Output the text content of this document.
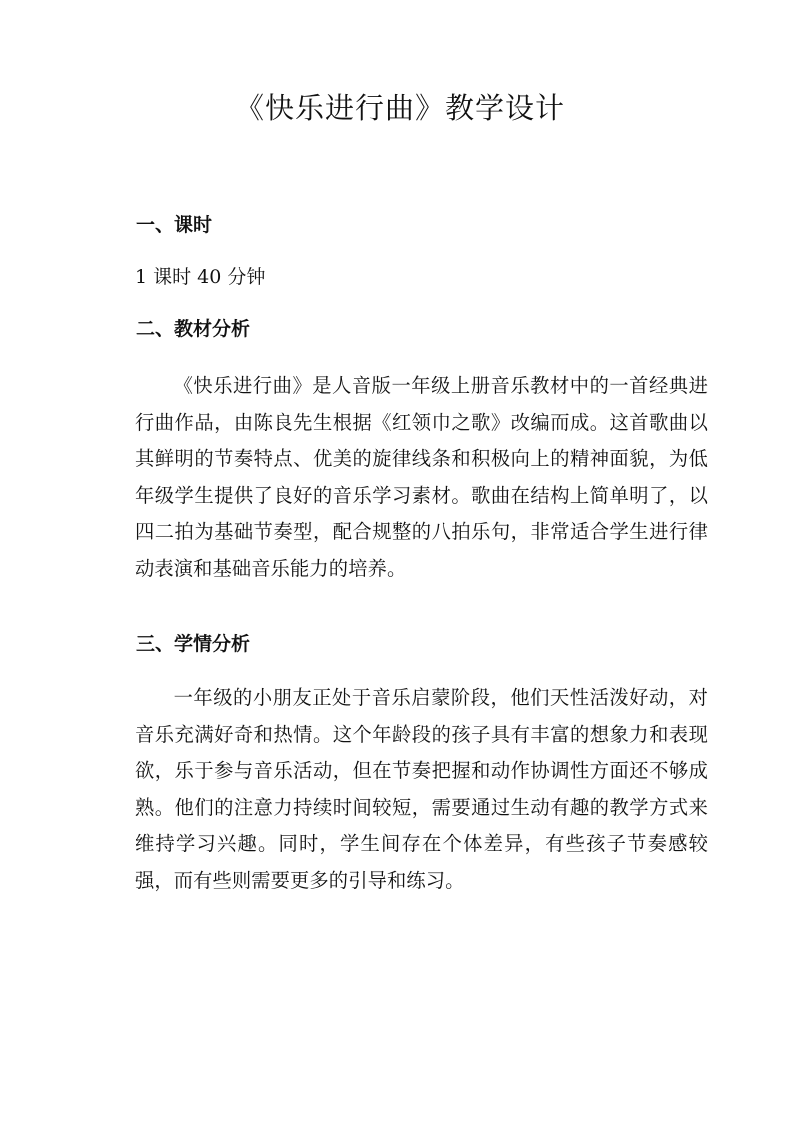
《快乐进行曲》教学设计
一、课时
1 课时 40 分钟
二、教材分析
《快乐进行曲》是人音版一年级上册音乐教材中的一首经典进行曲作品，由陈良先生根据《红领巾之歌》改编而成。这首歌曲以其鲜明的节奏特点、优美的旋律线条和积极向上的精神面貌，为低年级学生提供了良好的音乐学习素材。歌曲在结构上简单明了，以四二拍为基础节奏型，配合规整的八拍乐句，非常适合学生进行律动表演和基础音乐能力的培养。
三、学情分析
一年级的小朋友正处于音乐启蒙阶段，他们天性活泼好动，对音乐充满好奇和热情。这个年龄段的孩子具有丰富的想象力和表现欲，乐于参与音乐活动，但在节奏把握和动作协调性方面还不够成熟。他们的注意力持续时间较短，需要通过生动有趣的教学方式来维持学习兴趣。同时，学生间存在个体差异，有些孩子节奏感较强，而有些则需要更多的引导和练习。
